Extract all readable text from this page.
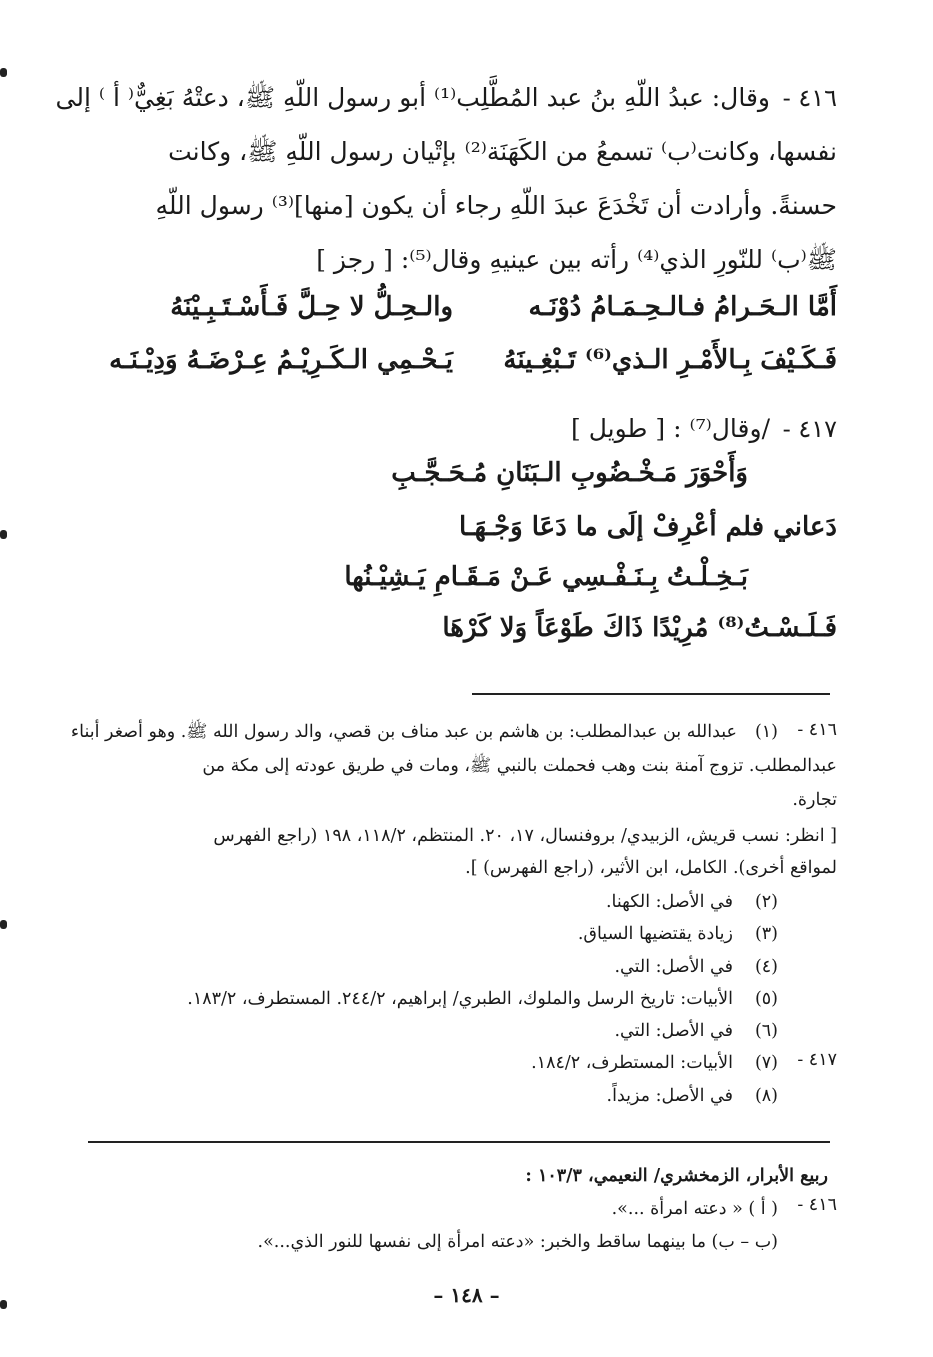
٤١٦ -
وقال: عبدُ اللّهِ بنُ عبد المُطَّلِب⁽¹⁾ أبو رسول اللّهِ ﷺ، دعتْهُ بَغِيٌّ⁽ أ ⁾ إلى
نفسها، وكانت⁽ب⁾ تسمعُ من الكَهَنَة⁽²⁾ بإتْيان رسول اللّهِ ﷺ، وكانت
حسنةً. وأرادت أن تَخْدَعَ عبدَ اللّهِ رجاء أن يكون [منها]⁽³⁾ رسول اللّهِ
ﷺ⁽ب⁾ للنّورِ الذي⁽⁴⁾ رأته بين عينيهِ وقال⁽⁵⁾: [ رجز ]
أَمَّا الـحَـرامُ فـالـحِـمَـامُ دُوْنَـه
والـحِـلُّ لا حِـلَّ فَـأَسْـتَـبِـيْنَهُ
فَـكَـيْفَ بِـالأَمْـرِ الـذي⁽⁶⁾ تَـبْغِـينَهُ
يَـحْـمِي الـكَـرِيْـمُ عِـرْضَـهُ وَدِيْـنَـه
٤١٧ -
/وقال⁽⁷⁾ : [ طويل ]
وَأَحْوَرَ مَـخْـضُوبِ الـبَنَانِ مُـحَـجَّـبِ
دَعاني فلم أعْرِفْ إلَى ما دَعَا وَجْـهَـا
بَـخِـلْـتُ بِـنَـفْـسِي عَـنْ مَـقَـامِ يَـشِيْـنُها
فَـلَـسْـتُ⁽⁸⁾ مُرِيْدًا ذَاكَ طَوْعَاً وَلا كَرْهَا
٤١٦ -
(١)
عبدالله بن عبدالمطلب: بن هاشم بن عبد مناف بن قصي، والد رسول الله ﷺ. وهو أصغر أبناء
عبدالمطلب. تزوج آمنة بنت وهب فحملت بالنبي ﷺ، ومات في طريق عودته إلى مكة من
تجارة.
[ انظر: نسب قريش، الزبيدي/ بروفنسال، ١٧، ٢٠. المنتظم، ١١٨/٢، ١٩٨ (راجع الفهرس
لمواقع أخرى). الكامل، ابن الأثير، (راجع الفهرس) ].
(٢)
في الأصل: الكهنا.
(٣)
زيادة يقتضيها السياق.
(٤)
في الأصل: التي.
(٥)
الأبيات: تاريخ الرسل والملوك، الطبري/ إبراهيم، ٢٤٤/٢. المستطرف، ١٨٣/٢.
(٦)
في الأصل: التي.
٤١٧ -
(٧)
الأبيات: المستطرف، ١٨٤/٢.
(٨)
في الأصل: مزيداً.
ربيع الأبرار، الزمخشري/ النعيمي، ١٠٣/٣ :
٤١٦ -
( أ ) « دعته امرأة ...».
(ب – ب) ما بينهما ساقط والخبر: «دعته امرأة إلى نفسها للنور الذي...».
– ١٤٨ –
